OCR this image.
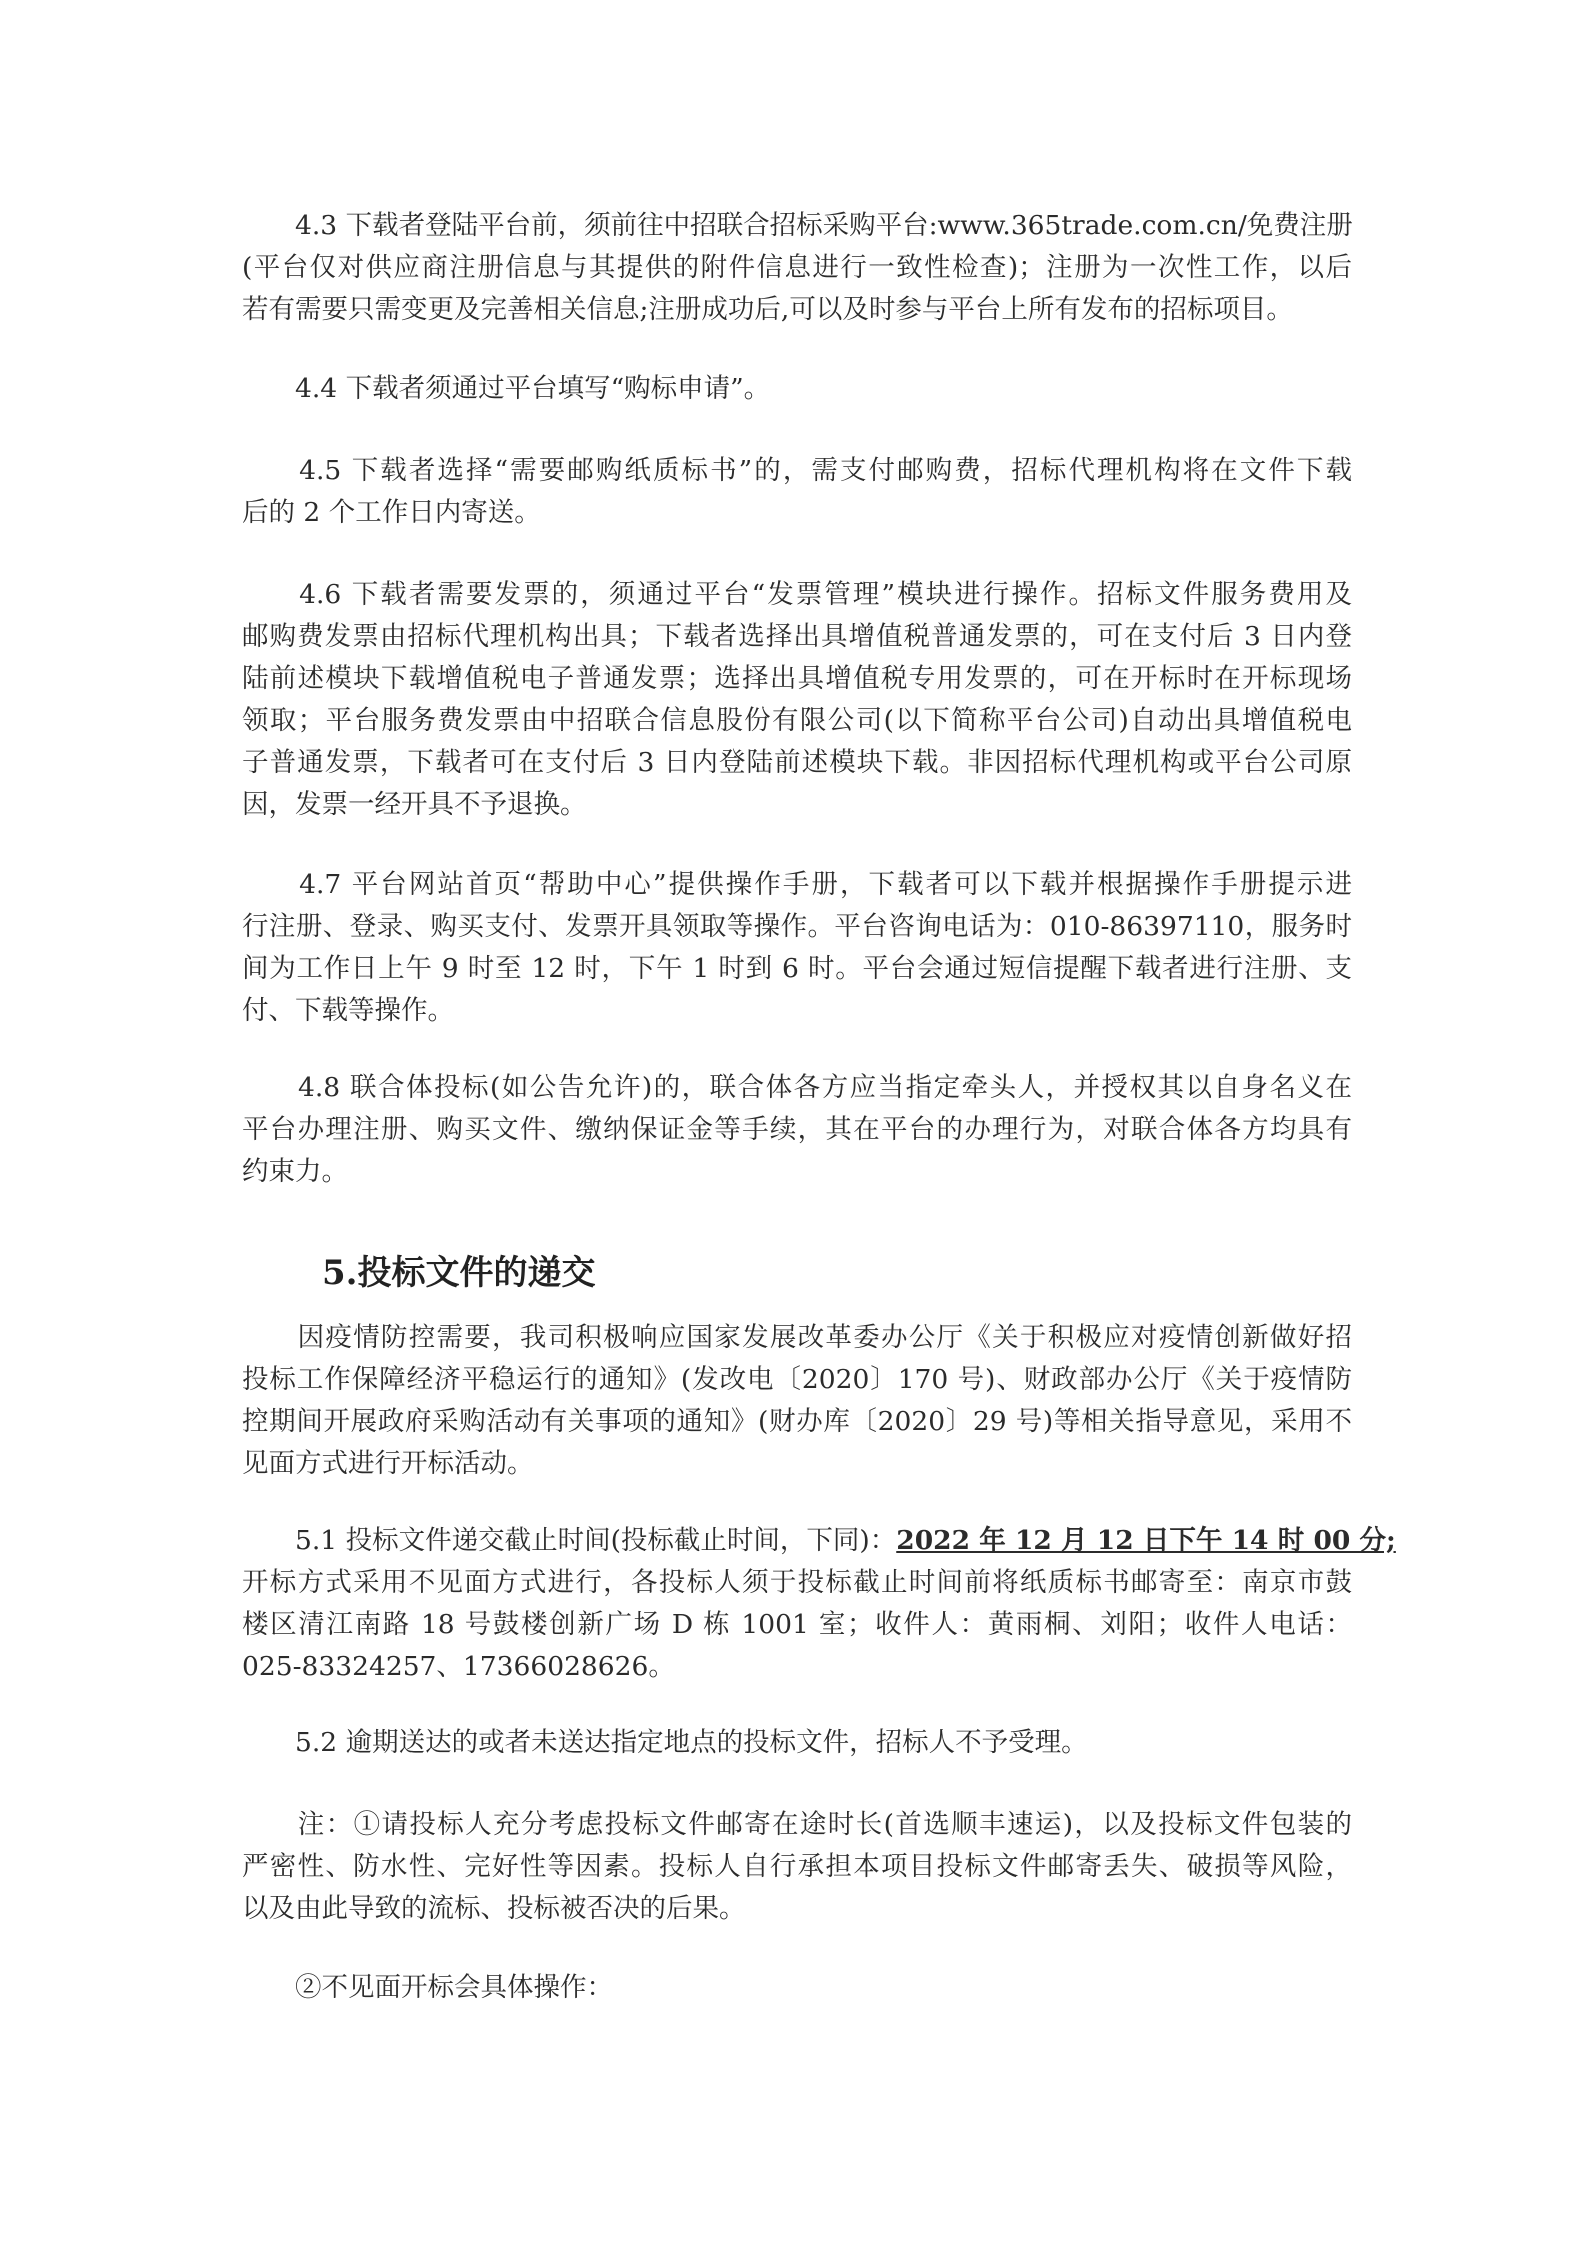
　　4.3 下载者登陆平台前，须前往中招联合招标采购平台:www.365trade.com.cn/免费注册
(平台仅对供应商注册信息与其提供的附件信息进行一致性检查)；注册为一次性工作，以后
若有需要只需变更及完善相关信息;注册成功后,可以及时参与平台上所有发布的招标项目。
　　4.4 下载者须通过平台填写“购标申请”。
　　4.5 下载者选择“需要邮购纸质标书”的，需支付邮购费，招标代理机构将在文件下载
后的 2 个工作日内寄送。
　　4.6 下载者需要发票的，须通过平台“发票管理”模块进行操作。招标文件服务费用及
邮购费发票由招标代理机构出具；下载者选择出具增值税普通发票的，可在支付后 3 日内登
陆前述模块下载增值税电子普通发票；选择出具增值税专用发票的，可在开标时在开标现场
领取；平台服务费发票由中招联合信息股份有限公司(以下简称平台公司)自动出具增值税电
子普通发票，下载者可在支付后 3 日内登陆前述模块下载。非因招标代理机构或平台公司原
因，发票一经开具不予退换。
　　4.7 平台网站首页“帮助中心”提供操作手册，下载者可以下载并根据操作手册提示进
行注册、登录、购买支付、发票开具领取等操作。平台咨询电话为：010-86397110，服务时
间为工作日上午 9 时至 12 时，下午 1 时到 6 时。平台会通过短信提醒下载者进行注册、支
付、下载等操作。
　　4.8 联合体投标(如公告允许)的，联合体各方应当指定牵头人，并授权其以自身名义在
平台办理注册、购买文件、缴纳保证金等手续，其在平台的办理行为，对联合体各方均具有
约束力。
5.投标文件的递交
　　因疫情防控需要，我司积极响应国家发展改革委办公厅《关于积极应对疫情创新做好招
投标工作保障经济平稳运行的通知》(发改电〔2020〕170 号)、财政部办公厅《关于疫情防
控期间开展政府采购活动有关事项的通知》(财办库〔2020〕29 号)等相关指导意见，采用不
见面方式进行开标活动。
　　5.1 投标文件递交截止时间(投标截止时间，下同)：2022 年 12 月 12 日下午 14 时 00 分;
开标方式采用不见面方式进行，各投标人须于投标截止时间前将纸质标书邮寄至：南京市鼓
楼区清江南路 18 号鼓楼创新广场 D 栋 1001 室；收件人：黄雨桐、刘阳；收件人电话：
025-83324257、17366028626。
　　5.2 逾期送达的或者未送达指定地点的投标文件，招标人不予受理。
　　注：①请投标人充分考虑投标文件邮寄在途时长(首选顺丰速运)，以及投标文件包装的
严密性、防水性、完好性等因素。投标人自行承担本项目投标文件邮寄丢失、破损等风险，
以及由此导致的流标、投标被否决的后果。
　　②不见面开标会具体操作：
